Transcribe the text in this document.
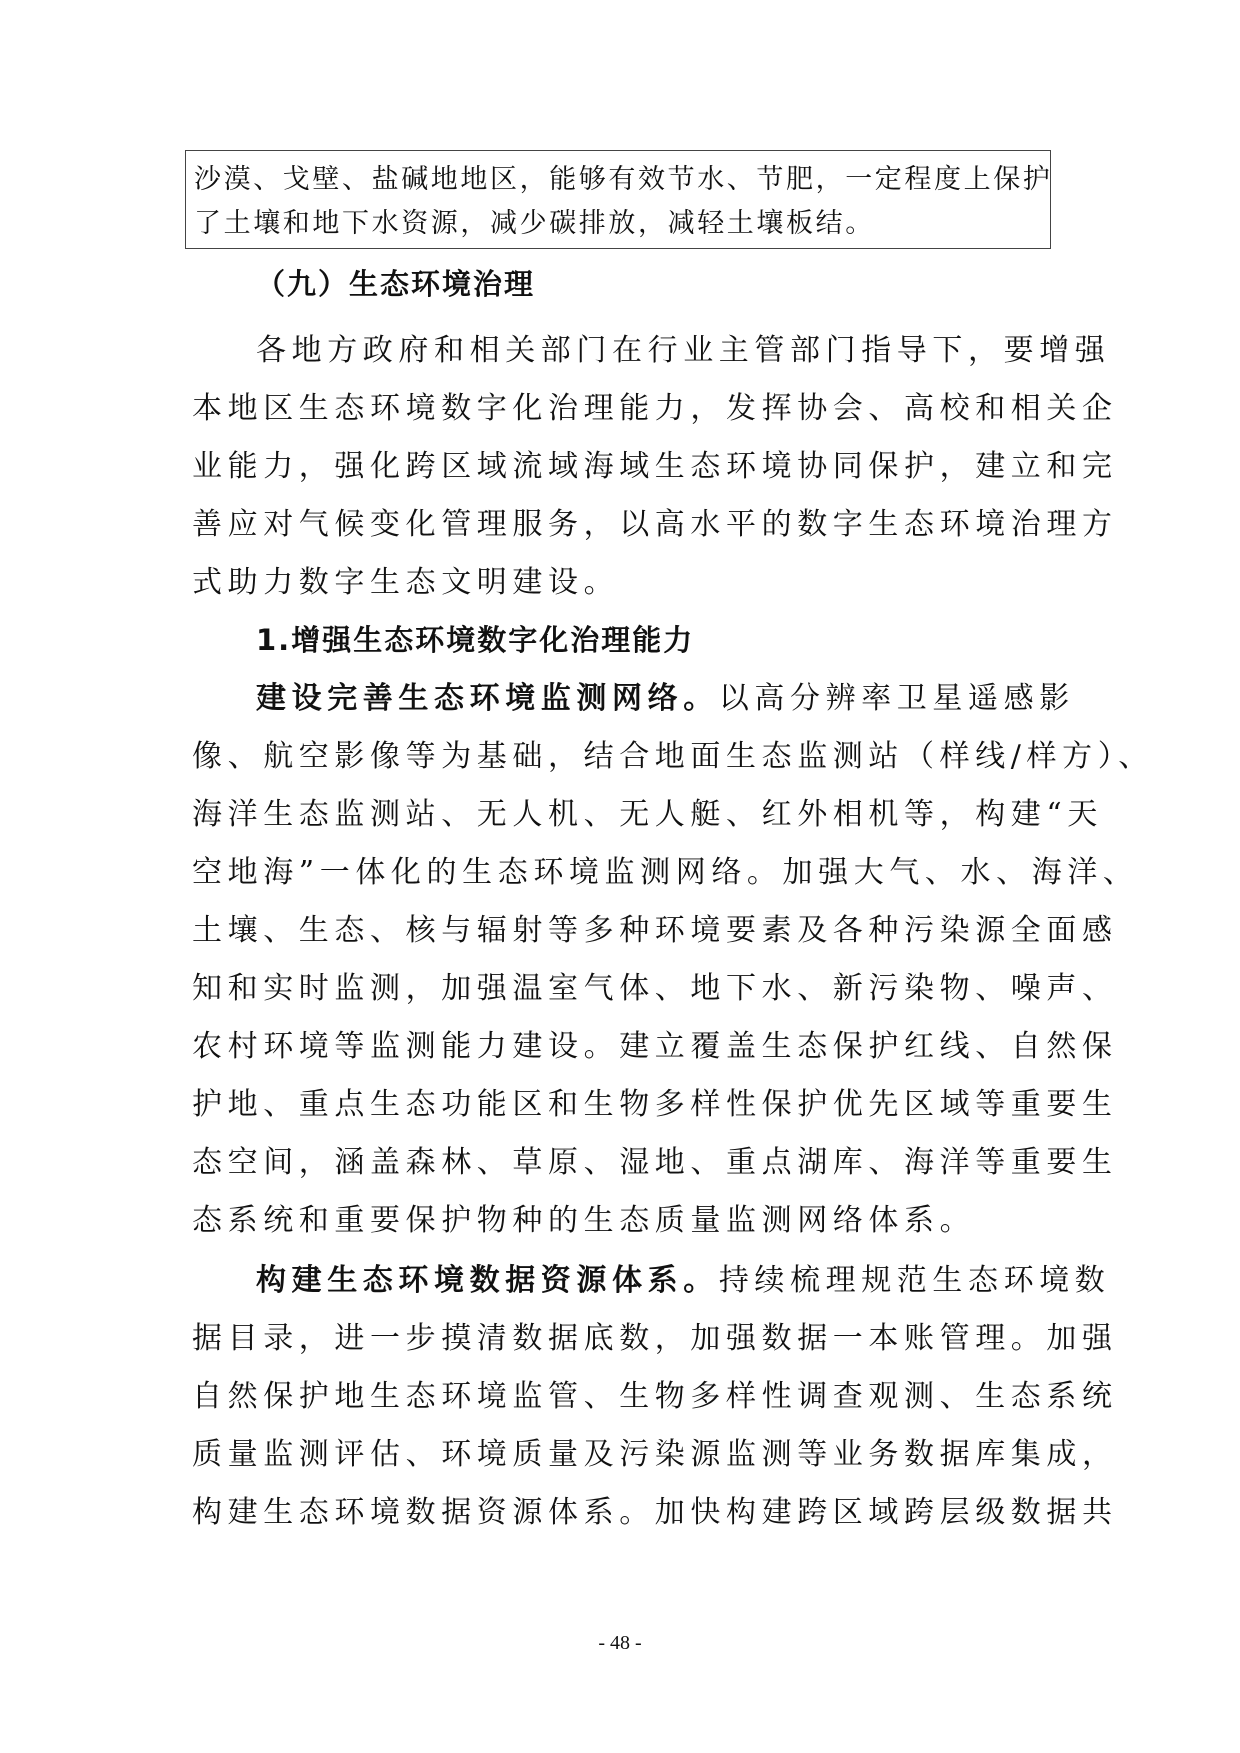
沙漠、戈壁、盐碱地地区，能够有效节水、节肥，一定程度上保护
了土壤和地下水资源，减少碳排放，减轻土壤板结。
（九）生态环境治理
各地方政府和相关部门在行业主管部门指导下，要增强
本地区生态环境数字化治理能力，发挥协会、高校和相关企
业能力，强化跨区域流域海域生态环境协同保护，建立和完
善应对气候变化管理服务，以高水平的数字生态环境治理方
式助力数字生态文明建设。
1.增强生态环境数字化治理能力
建设完善生态环境监测网络。以高分辨率卫星遥感影
像、航空影像等为基础，结合地面生态监测站（样线/样方）、
海洋生态监测站、无人机、无人艇、红外相机等，构建“天
空地海”一体化的生态环境监测网络。加强大气、水、海洋、
土壤、生态、核与辐射等多种环境要素及各种污染源全面感
知和实时监测，加强温室气体、地下水、新污染物、噪声、
农村环境等监测能力建设。建立覆盖生态保护红线、自然保
护地、重点生态功能区和生物多样性保护优先区域等重要生
态空间，涵盖森林、草原、湿地、重点湖库、海洋等重要生
态系统和重要保护物种的生态质量监测网络体系。
构建生态环境数据资源体系。持续梳理规范生态环境数
据目录，进一步摸清数据底数，加强数据一本账管理。加强
自然保护地生态环境监管、生物多样性调查观测、生态系统
质量监测评估、环境质量及污染源监测等业务数据库集成，
构建生态环境数据资源体系。加快构建跨区域跨层级数据共
- 48 -
